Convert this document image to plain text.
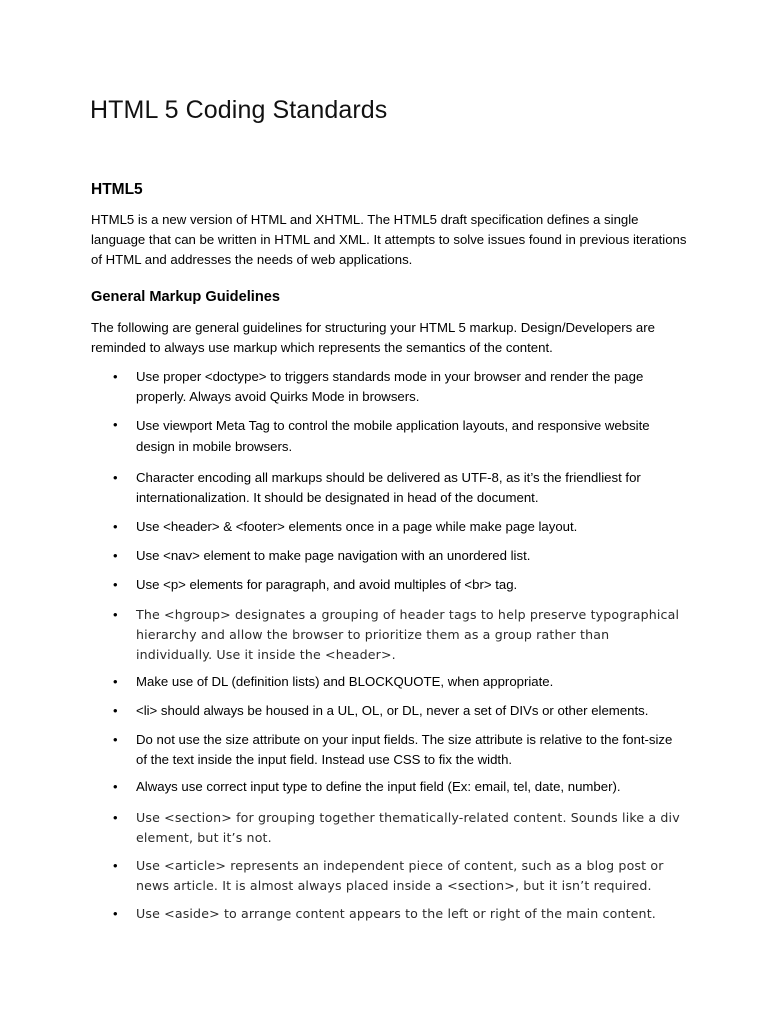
HTML 5 Coding Standards
HTML5

HTML5 is a new version of HTML and XHTML. The HTML5 draft specification defines a single language that can be written in HTML and XML. It attempts to solve issues found in previous iterations of HTML and addresses the needs of web applications.

General Markup Guidelines

The following are general guidelines for structuring your HTML 5 markup. Design/Developers are reminded to always use markup which represents the semantics of the content.

• Use proper <doctype> to triggers standards mode in your browser and render the page properly. Always avoid Quirks Mode in browsers.
• Use viewport Meta Tag to control the mobile application layouts, and responsive website design in mobile browsers.
• Character encoding all markups should be delivered as UTF-8, as it’s the friendliest for internationalization. It should be designated in head of the document.
• Use <header> & <footer> elements once in a page while make page layout.
• Use <nav> element to make page navigation with an unordered list.
• Use <p> elements for paragraph, and avoid multiples of <br> tag.
• The <hgroup> designates a grouping of header tags to help preserve typographical hierarchy and allow the browser to prioritize them as a group rather than individually. Use it inside the <header>.
• Make use of DL (definition lists) and BLOCKQUOTE, when appropriate.
• <li> should always be housed in a UL, OL, or DL, never a set of DIVs or other elements.
• Do not use the size attribute on your input fields. The size attribute is relative to the font-size of the text inside the input field. Instead use CSS to fix the width.
• Always use correct input type to define the input field (Ex: email, tel, date, number).
• Use <section> for grouping together thematically-related content. Sounds like a div element, but it’s not.
• Use <article> represents an independent piece of content, such as a blog post or news article. It is almost always placed inside a <section>, but it isn’t required.
• Use <aside> to arrange content appears to the left or right of the main content.
